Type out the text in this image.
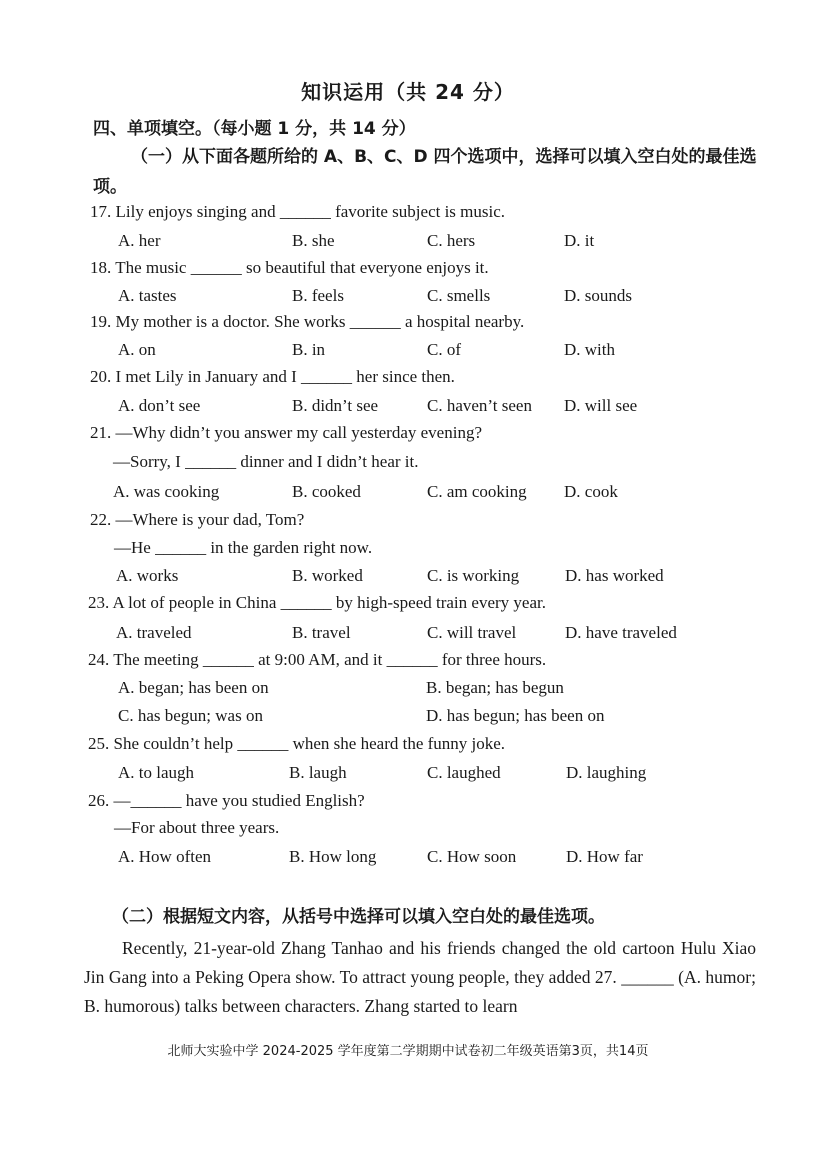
知识运用（共 24 分）
四、单项填空。（每小题 1 分，共 14 分）
（一）从下面各题所给的 A、B、C、D 四个选项中，选择可以填入空白处的最佳选项。
17. Lily enjoys singing and ______ favorite subject is music.
A. her	B. she	C. hers	D. it
18. The music ______ so beautiful that everyone enjoys it.
A. tastes	B. feels	C. smells	D. sounds
19. My mother is a doctor. She works ______ a hospital nearby.
A. on	B. in	C. of	D. with
20. I met Lily in January and I ______ her since then.
A. don’t see	B. didn’t see	C. haven’t seen D. will see
21. —Why didn’t you answer my call yesterday evening?
—Sorry, I ______ dinner and I didn’t hear it.
A. was cooking	B. cooked	C. am cooking D. cook
22. —Where is your dad, Tom?
—He ______ in the garden right now.
A. works	B. worked	C. is working	D. has worked
23. A lot of people in China ______ by high-speed train every year.
A. traveled	B. travel	C. will travel	D. have traveled
24. The meeting ______ at 9:00 AM, and it ______ for three hours.
A. began; has been on	B. began; has begun
C. has begun; was on	D. has begun; has been on
25. She couldn’t help ______ when she heard the funny joke.
A. to laugh	B. laugh	C. laughed	D. laughing
26. —______ have you studied English?
—For about three years.
A. How often	B. How long	C. How soon	D. How far
（二）根据短文内容，从括号中选择可以填入空白处的最佳选项。

Recently, 21-year-old Zhang Tanhao and his friends changed the old cartoon Hulu Xiao Jin Gang into a Peking Opera show. To attract young people, they added 27. ______ (A. humor; B. humorous) talks between characters. Zhang started to learn

北师大实验中学 2024-2025 学年度第二学期期中试卷初二年级英语第3页，共14页
